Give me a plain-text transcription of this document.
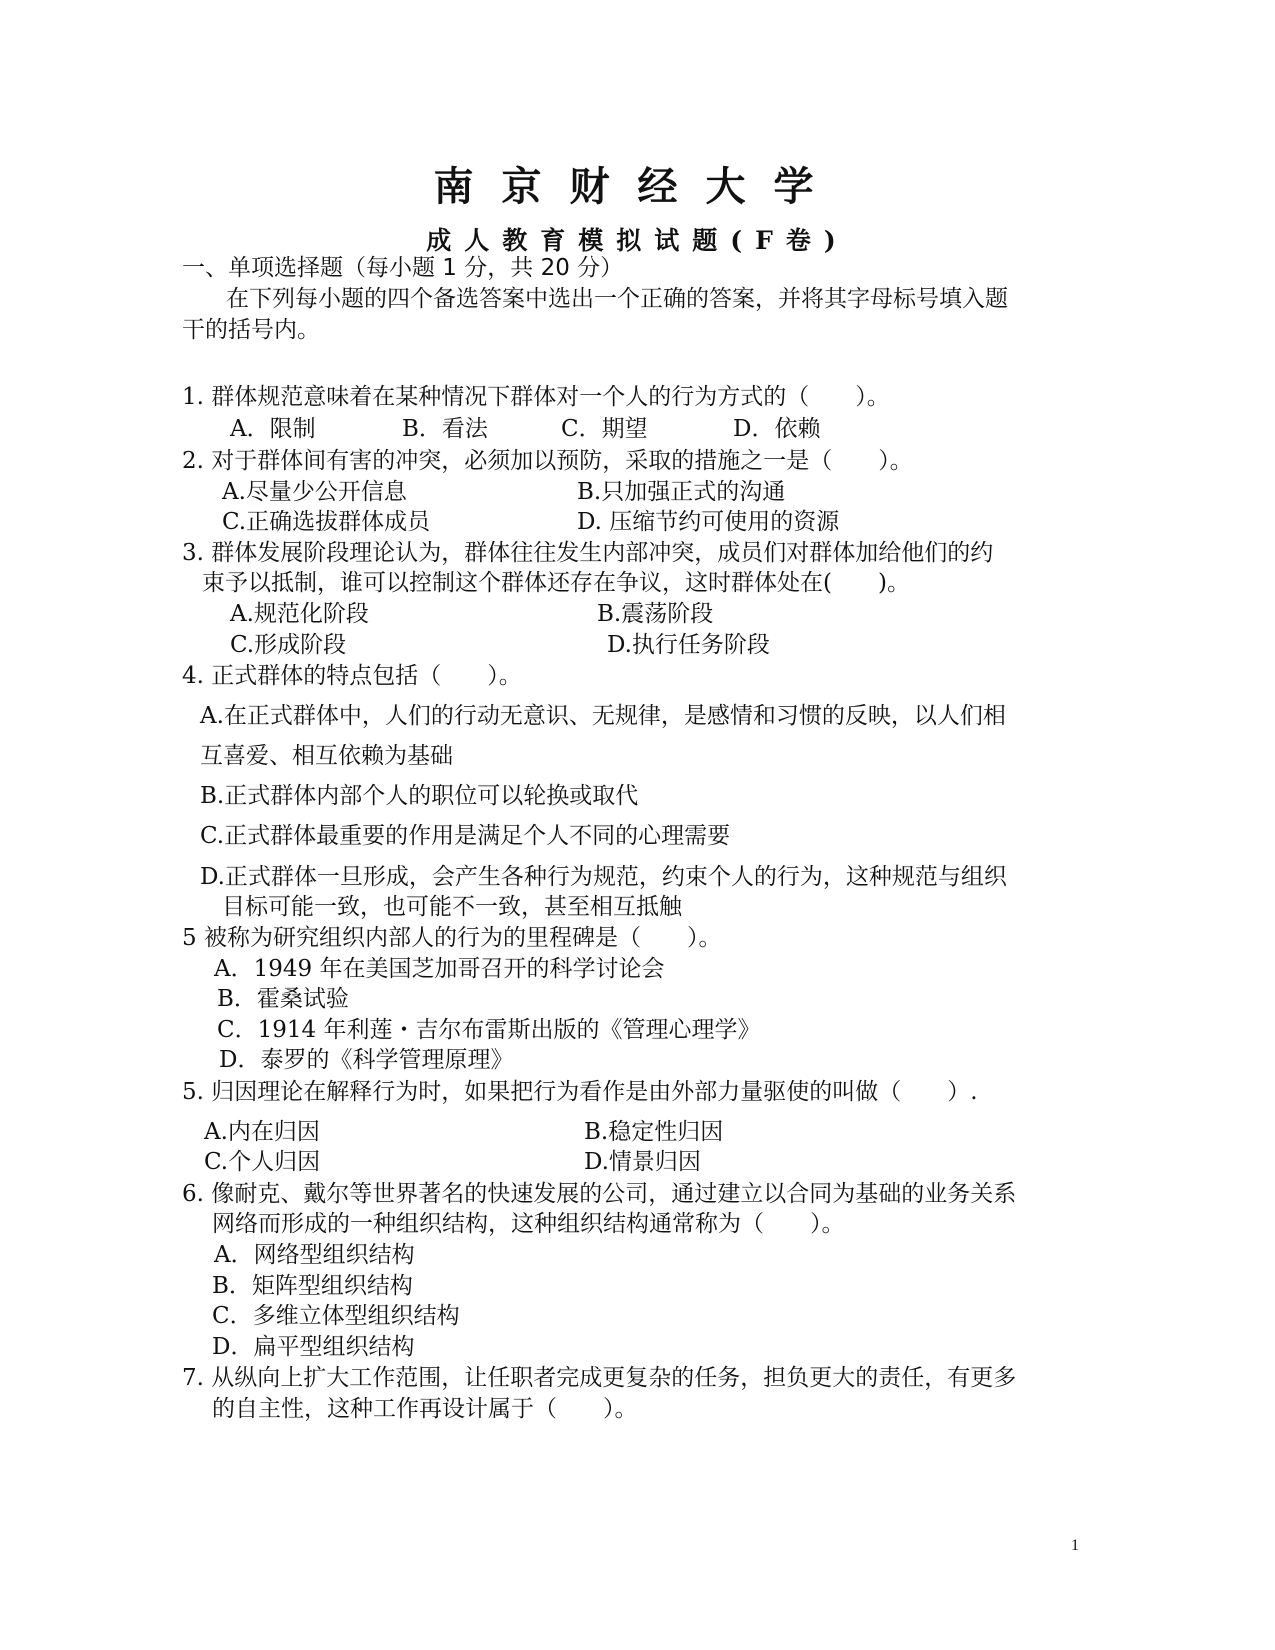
南京财经大学
成人教育模拟试题(F卷)
一、单项选择题（每小题 1 分，共 20 分）
在下列每小题的四个备选答案中选出一个正确的答案，并将其字母标号填入题
干的括号内。
1. 群体规范意味着在某种情况下群体对一个人的行为方式的（　　）。
A．限制	B．看法	C．期望	D．依赖
2. 对于群体间有害的冲突，必须加以预防，采取的措施之一是（　　）。
A.尽量少公开信息	B.只加强正式的沟通
C.正确选拔群体成员	D. 压缩节约可使用的资源
3. 群体发展阶段理论认为，群体往往发生内部冲突，成员们对群体加给他们的约
束予以抵制，谁可以控制这个群体还存在争议，这时群体处在(　　)。
A.规范化阶段	B.震荡阶段
C.形成阶段	D.执行任务阶段
4. 正式群体的特点包括（　　）。
A.在正式群体中，人们的行动无意识、无规律，是感情和习惯的反映，以人们相
互喜爱、相互依赖为基础
B.正式群体内部个人的职位可以轮换或取代
C.正式群体最重要的作用是满足个人不同的心理需要
D.正式群体一旦形成，会产生各种行为规范，约束个人的行为，这种规范与组织
目标可能一致，也可能不一致，甚至相互抵触
5 被称为研究组织内部人的行为的里程碑是（　　）。
A．1949 年在美国芝加哥召开的科学讨论会
B．霍桑试验
C．1914 年利莲・吉尔布雷斯出版的《管理心理学》
D．泰罗的《科学管理原理》
5. 归因理论在解释行为时，如果把行为看作是由外部力量驱使的叫做（　　）.
A.内在归因	B.稳定性归因
C.个人归因	D.情景归因
6. 像耐克、戴尔等世界著名的快速发展的公司，通过建立以合同为基础的业务关系
网络而形成的一种组织结构，这种组织结构通常称为（　　）。
A．网络型组织结构
B．矩阵型组织结构
C．多维立体型组织结构
D．扁平型组织结构
7. 从纵向上扩大工作范围，让任职者完成更复杂的任务，担负更大的责任，有更多
的自主性，这种工作再设计属于（　　）。
1
